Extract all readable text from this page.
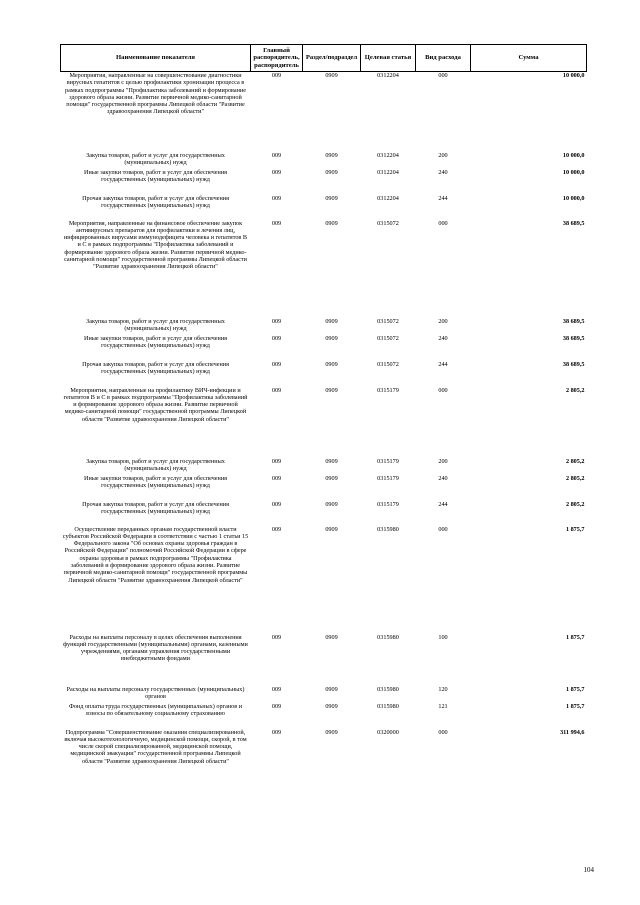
Наименование показателя	Главный распорядитель, распорядитель	Раздел/подраздел	Целевая статья	Вид расхода	Сумма
Мероприятия, направленные на совершенствование диагностики вирусных гепатитов с целью профилактики хронизации процесса в рамках подпрограммы "Профилактика заболеваний и формирование здорового образа жизни. Развитие первичной медико-санитарной помощи" государственной программы Липецкой области "Развитие здравоохранения Липецкой области"	009	0909	0312204	000	10 000,0
Закупка товаров, работ и услуг для государственных (муниципальных) нужд	009	0909	0312204	200	10 000,0
Иные закупки товаров, работ и услуг для обеспечения государственных (муниципальных) нужд	009	0909	0312204	240	10 000,0
Прочая закупка товаров, работ и услуг для обеспечения государственных (муниципальных) нужд	009	0909	0312204	244	10 000,0
Мероприятия, направленные на финансовое обеспечение закупок антивирусных препаратов для профилактики и лечения лиц, инфицированных вирусами иммунодефицита человека и гепатитов В и С в рамках подпрограммы "Профилактика заболеваний и формирование здорового образа жизни. Развитие первичной медико-санитарной помощи" государственной программы Липецкой области "Развитие здравоохранения Липецкой области"	009	0909	0315072	000	38 689,5
Закупка товаров, работ и услуг для государственных (муниципальных) нужд	009	0909	0315072	200	38 689,5
Иные закупки товаров, работ и услуг для обеспечения государственных (муниципальных) нужд	009	0909	0315072	240	38 689,5
Прочая закупка товаров, работ и услуг для обеспечения государственных (муниципальных) нужд	009	0909	0315072	244	38 689,5
Мероприятия, направленные на профилактику ВИЧ-инфекции и гепатитов В и С в рамках подпрограммы "Профилактика заболеваний и формирование здорового образа жизни. Развитие первичной медико-санитарной помощи" государственной программы Липецкой области "Развитие здравоохранения Липецкой области"	009	0909	0315179	000	2 805,2
Закупка товаров, работ и услуг для государственных (муниципальных) нужд	009	0909	0315179	200	2 805,2
Иные закупки товаров, работ и услуг для обеспечения государственных (муниципальных) нужд	009	0909	0315179	240	2 805,2
Прочая закупка товаров, работ и услуг для обеспечения государственных (муниципальных) нужд	009	0909	0315179	244	2 805,2
Осуществление переданных органам государственной власти субъектов Российской Федерации в соответствии с частью 1 статьи 15 Федерального закона "Об основах охраны здоровья граждан в Российской Федерации" полномочий Российской Федерации в сфере охраны здоровья в рамках подпрограммы "Профилактика заболеваний и формирование здорового образа жизни. Развитие первичной медико-санитарной помощи" государственной программы Липецкой области "Развитие здравоохранения Липецкой области"	009	0909	0315980	000	1 875,7
Расходы на выплаты персоналу в целях обеспечения выполнения функций государственными (муниципальными) органами, казенными учреждениями, органами управления государственными внебюджетными фондами	009	0909	0315980	100	1 875,7
Расходы на выплаты персоналу государственных (муниципальных) органов	009	0909	0315980	120	1 875,7
Фонд оплаты труда государственных (муниципальных) органов и взносы по обязательному социальному страхованию	009	0909	0315980	121	1 875,7
Подпрограмма "Совершенствование оказания специализированной, включая высокотехнологичную, медицинской помощи, скорой, в том числе скорой специализированной, медицинской помощи, медицинской эвакуации" государственной программы Липецкой области "Развитие здравоохранения Липецкой области"	009	0909	0320000	000	311 994,6
104
